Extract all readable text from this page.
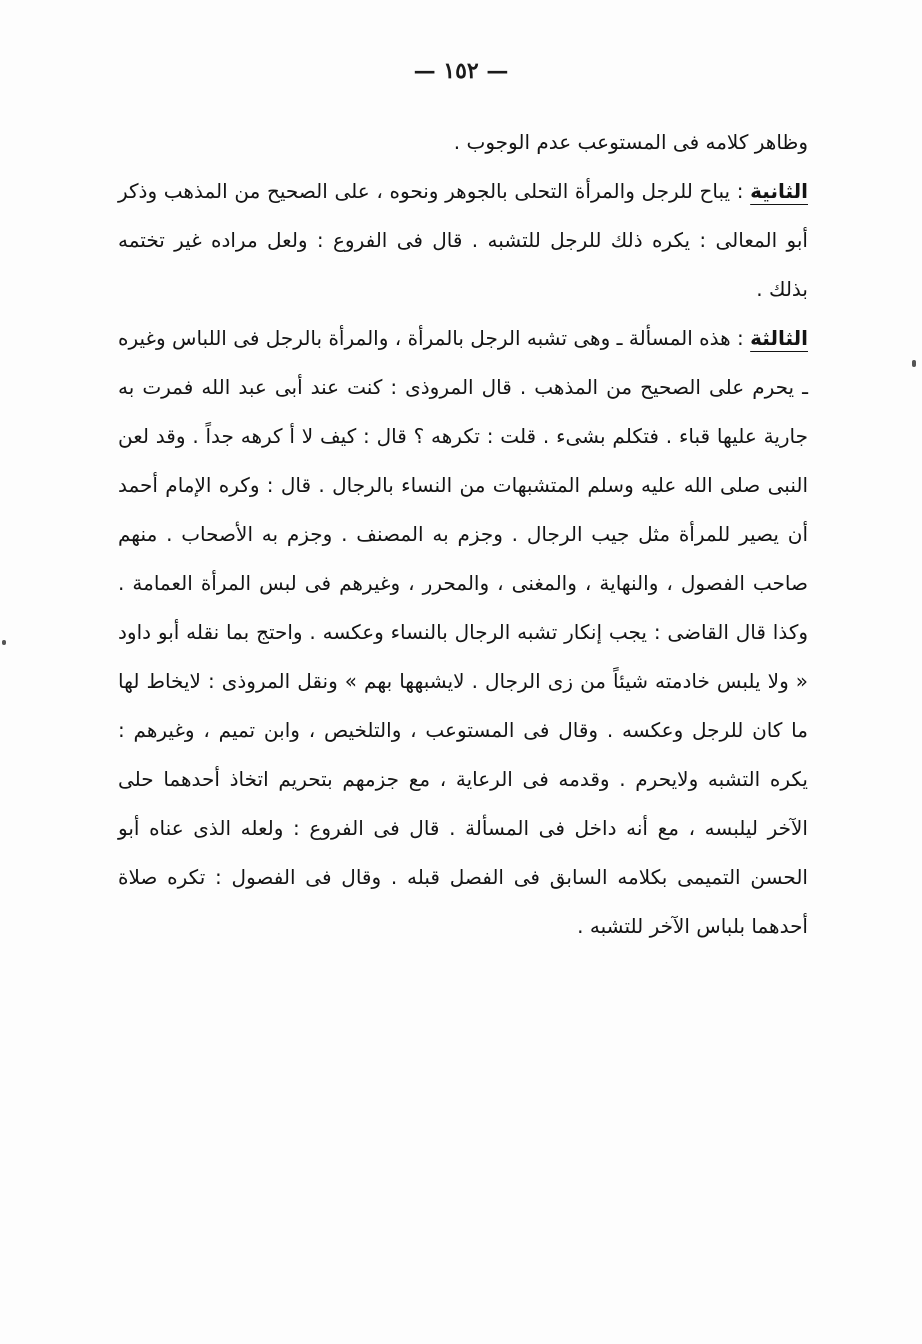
— ١٥٢ —

وظاهر كلامه فى المستوعب عدم الوجوب .

الثانية : يباح للرجل والمرأة التحلى بالجوهر ونحوه ، على الصحيح من المذهب وذكر أبو المعالى : يكره ذلك للرجل للتشبه . قال فى الفروع : ولعل مراده غير تختمه بذلك .

الثالثة : هذه المسألة ـ وهى تشبه الرجل بالمرأة ، والمرأة بالرجل فى اللباس وغيره ـ يحرم على الصحيح من المذهب . قال المروذى : كنت عند أبى عبد الله فمرت به جارية عليها قباء . فتكلم بشىء . قلت : تكرهه ؟ قال : كيف لا أ كرهه جداً . وقد لعن النبى صلى الله عليه وسلم المتشبهات من النساء بالرجال . قال : وكره الإمام أحمد أن يصير للمرأة مثل جيب الرجال . وجزم به المصنف . وجزم به الأصحاب . منهم صاحب الفصول ، والنهاية ، والمغنى ، والمحرر ، وغيرهم فى لبس المرأة العمامة . وكذا قال القاضى : يجب إنكار تشبه الرجال بالنساء وعكسه . واحتج بما نقله أبو داود « ولا يلبس خادمته شيئاً من زى الرجال . لايشبهها بهم » ونقل المروذى : لايخاط لها ما كان للرجل وعكسه . وقال فى المستوعب ، والتلخيص ، وابن تميم ، وغيرهم : يكره التشبه ولايحرم . وقدمه فى الرعاية ، مع جزمهم بتحريم اتخاذ أحدهما حلى الآخر ليلبسه ، مع أنه داخل فى المسألة . قال فى الفروع : ولعله الذى عناه أبو الحسن التميمى بكلامه السابق فى الفصل قبله . وقال فى الفصول : تكره صلاة أحدهما بلباس الآخر للتشبه .
